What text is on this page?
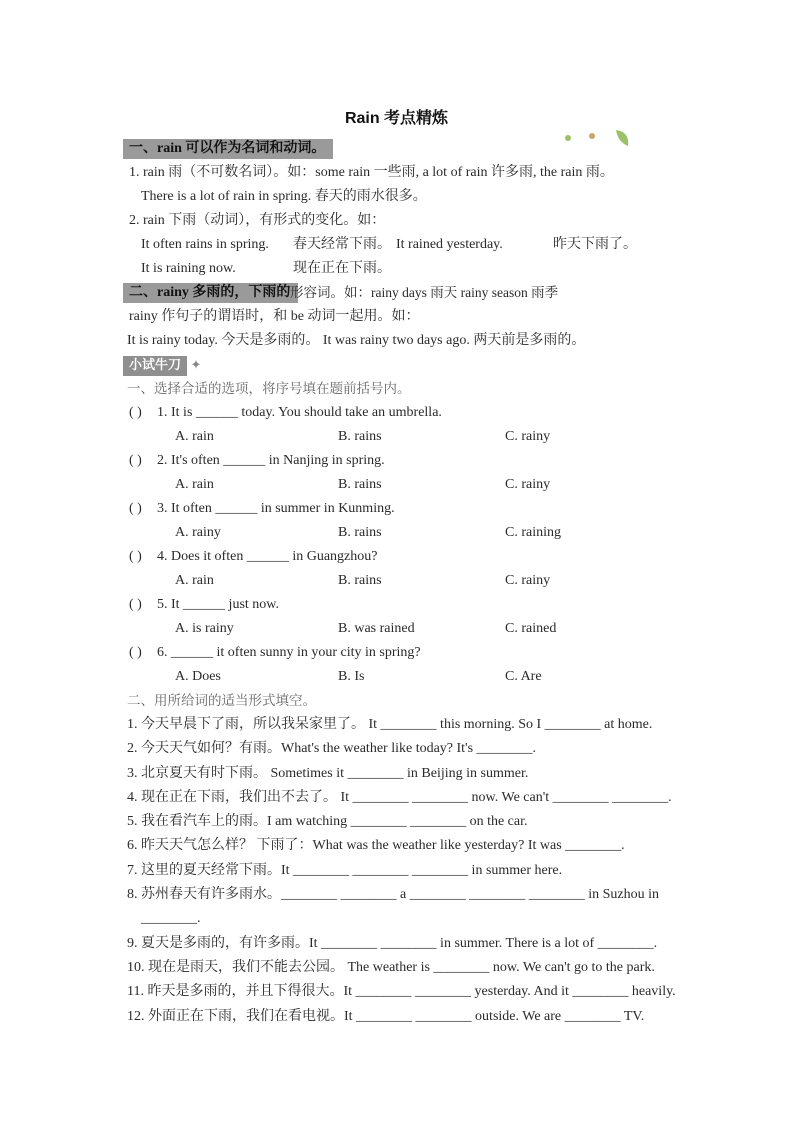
Rain 考点精炼
一、rain 可以作为名词和动词。
1. rain 雨（不可数名词）。如：some rain 一些雨, a lot of rain 许多雨, the rain 雨。
There is a lot of rain in spring. 春天的雨水很多。
2. rain 下雨（动词），有形式的变化。如：
It often rains in spring. 春天经常下雨。 It rained yesterday.	昨天下雨了。
It is raining now.	现在正在下雨。
二、rainy 多雨的，下雨的 形容词。如：rainy days 雨天 rainy season 雨季
rainy 作句子的谓语时，和 be 动词一起用。如：
It is rainy today. 今天是多雨的。 It was rainy two days ago. 两天前是多雨的。
小试牛刀 ✦
一、选择合适的选项，将序号填在题前括号内。
( ) 1. It is ______ today. You should take an umbrella.
A. rain	B. rains	C. rainy
( ) 2. It's often ______ in Nanjing in spring.
A. rain	B. rains	C. rainy
( ) 3. It often ______ in summer in Kunming.
A. rainy	B. rains	C. raining
( ) 4. Does it often ______ in Guangzhou?
A. rain	B. rains	C. rainy
( ) 5. It ______ just now.
A. is rainy	B. was rained	C. rained
( ) 6. ______ it often sunny in your city in spring?
A. Does	B. Is	C. Are
二、用所给词的适当形式填空。
1. 今天早晨下了雨，所以我呆家里了。 It ________ this morning. So I ________ at home.
2. 今天天气如何？有雨。What's the weather like today? It's ________.
3. 北京夏天有时下雨。 Sometimes it ________ in Beijing in summer.
4. 现在正在下雨，我们出不去了。 It ________ ________ now. We can't ________ ________.
5. 我在看汽车上的雨。I am watching ________ ________ on the car.
6. 昨天天气怎么样？ 下雨了：What was the weather like yesterday? It was ________.
7. 这里的夏天经常下雨。It ________ ________ ________ in summer here.
8. 苏州春天有许多雨水。________ ________ a ________ ________ ________ in Suzhou in
________.
9. 夏天是多雨的，有许多雨。It ________ ________ in summer. There is a lot of ________.
10. 现在是雨天，我们不能去公园。 The weather is ________ now. We can't go to the park.
11. 昨天是多雨的，并且下得很大。It ________ ________ yesterday. And it ________ heavily.
12. 外面正在下雨，我们在看电视。It ________ ________ outside. We are ________ TV.
